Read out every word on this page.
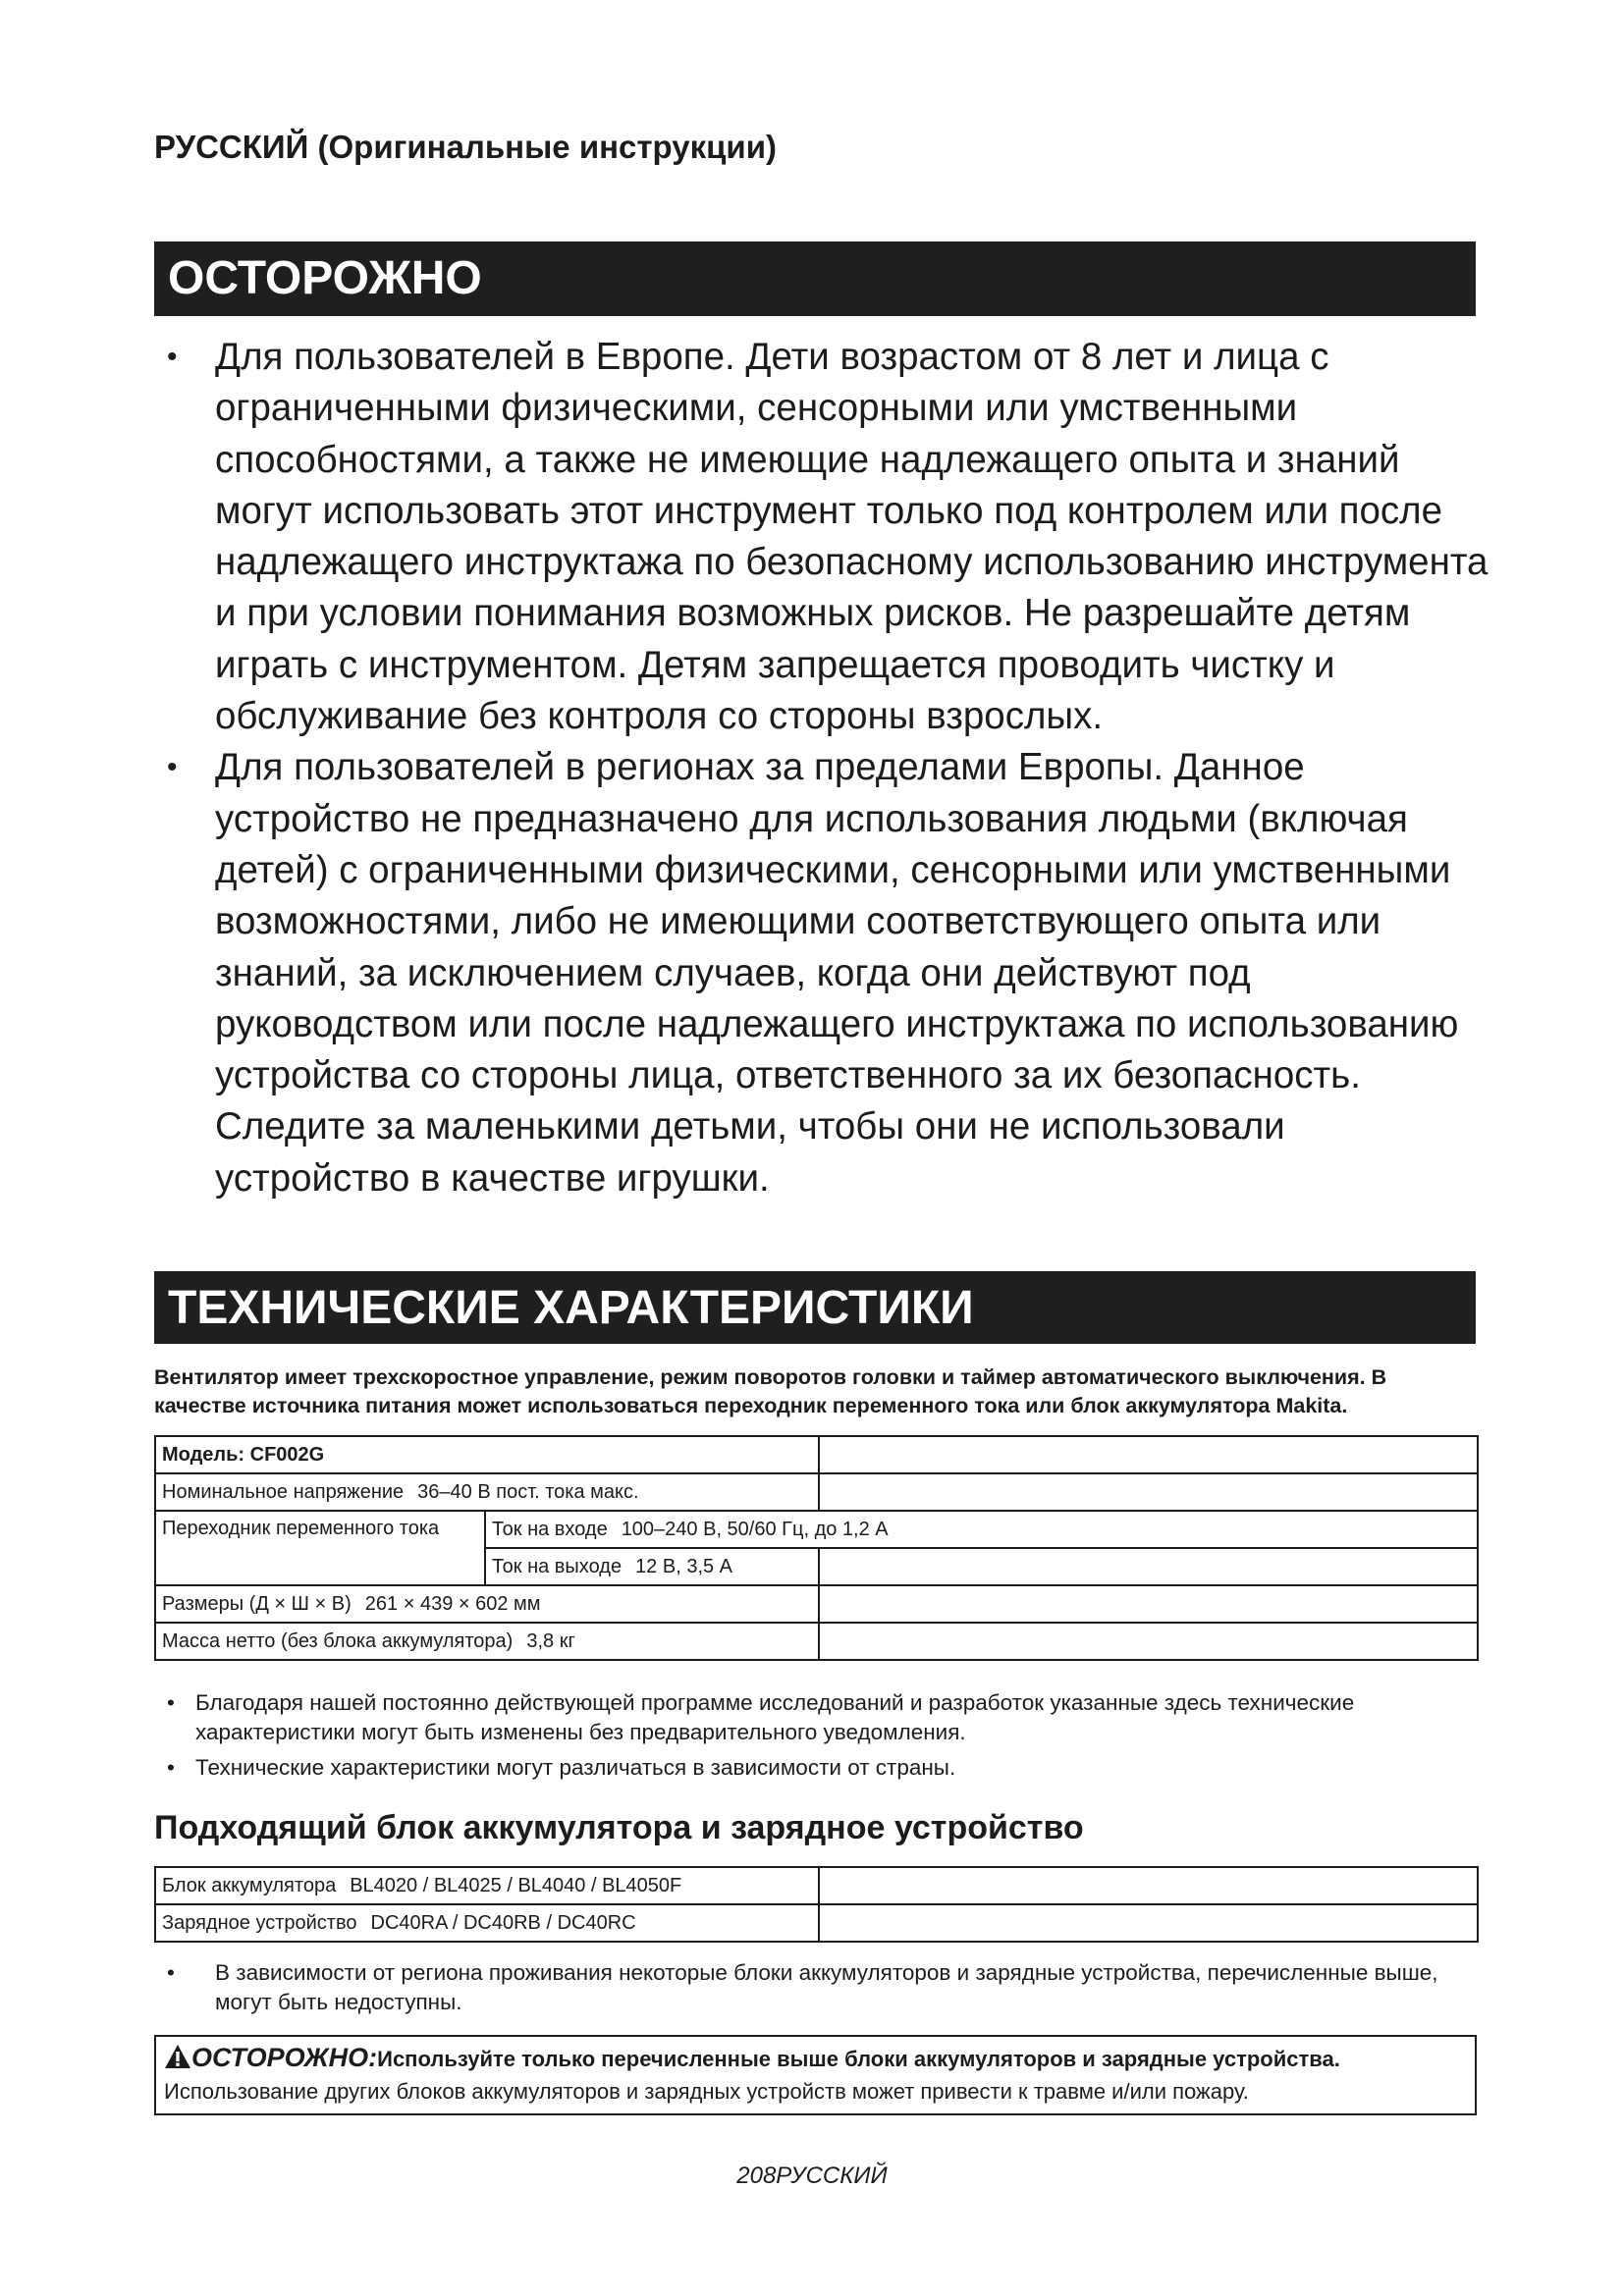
РУССКИЙ (Оригинальные инструкции)
ОСТОРОЖНО
• Для пользователей в Европе. Дети возрастом от 8 лет и лица с ограниченными физическими, сенсорными или умственными способностями, а также не имеющие надлежащего опыта и знаний могут использовать этот инструмент только под контролем или после надлежащего инструктажа по безопасному использованию инструмента и при условии понимания возможных рисков. Не разрешайте детям играть с инструментом. Детям запрещается проводить чистку и обслуживание без контроля со стороны взрослых.
• Для пользователей в регионах за пределами Европы. Данное устройство не предназначено для использования людьми (включая детей) с ограниченными физическими, сенсорными или умственными возможностями, либо не имеющими соответствующего опыта или знаний, за исключением случаев, когда они действуют под руководством или после надлежащего инструктажа по использованию устройства со стороны лица, ответственного за их безопасность. Следите за маленькими детьми, чтобы они не использовали устройство в качестве игрушки.
ТЕХНИЧЕСКИЕ ХАРАКТЕРИСТИКИ
Вентилятор имеет трехскоростное управление, режим поворотов головки и таймер автоматического выключения. В качестве источника питания может использоваться переходник переменного тока или блок аккумулятора Makita.
Модель: CF002G		
Номинальное напряжение 36–40 В пост. тока макс.		
Переходник переменного тока	Ток на входе 100–240 В, 50/60 Гц, до 1,2 А	
	Ток на выходе 12 В, 3,5 А	
Размеры (Д × Ш × В) 261 × 439 × 602 мм		
Масса нетто (без блока аккумулятора) 3,8 кг		
• Благодаря нашей постоянно действующей программе исследований и разработок указанные здесь технические характеристики могут быть изменены без предварительного уведомления.
• Технические характеристики могут различаться в зависимости от страны.
Подходящий блок аккумулятора и зарядное устройство
Блок аккумулятора BL4020 / BL4025 / BL4040 / BL4050F	
Зарядное устройство DC40RA / DC40RB / DC40RC	
• В зависимости от региона проживания некоторые блоки аккумуляторов и зарядные устройства, перечисленные выше, могут быть недоступны.
ОСТОРОЖНО:Используйте только перечисленные выше блоки аккумуляторов и зарядные устройства. Использование других блоков аккумуляторов и зарядных устройств может привести к травме и/или пожару.
208РУССКИЙ
